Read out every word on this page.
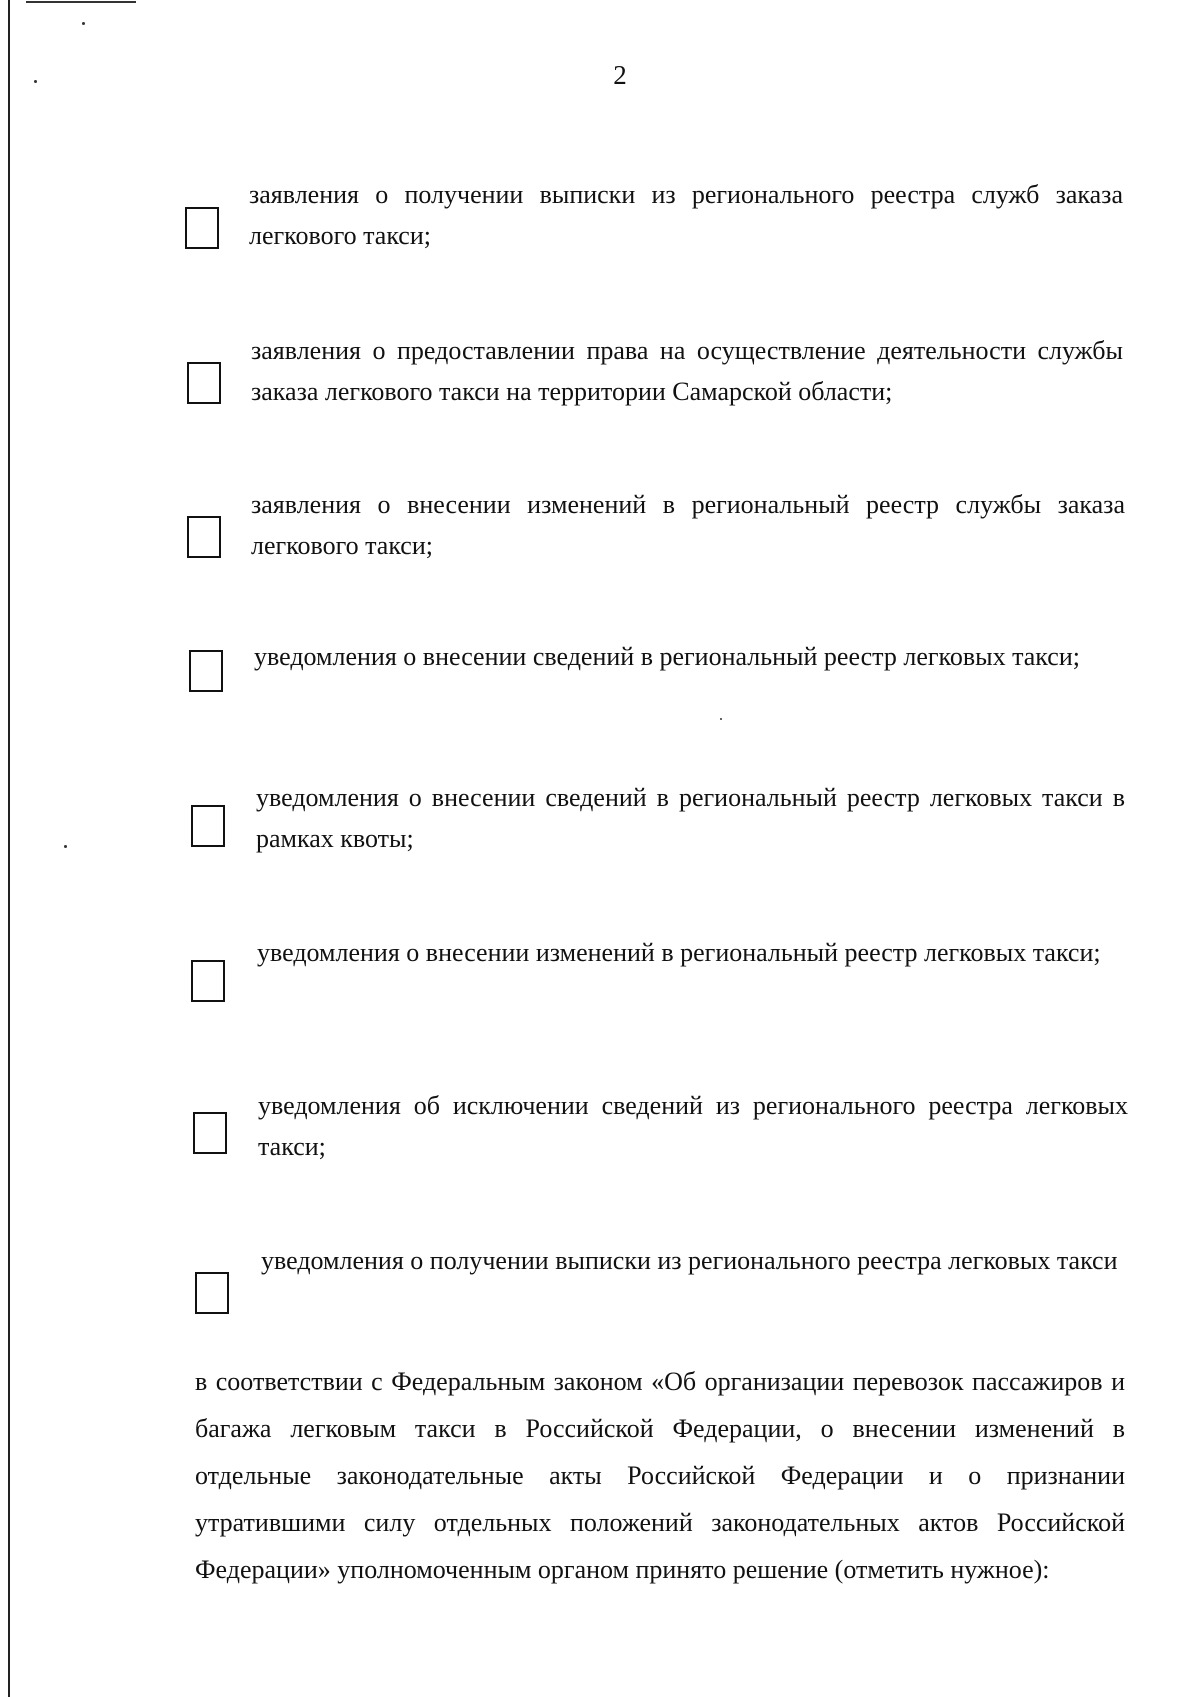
2
заявления о получении выписки из регионального реестра служб заказа легкового такси;
заявления о предоставлении права на осуществление деятельности службы заказа легкового такси на территории Самарской области;
заявления о внесении изменений в региональный реестр службы заказа легкового такси;
уведомления о внесении сведений в региональный реестр легковых такси;
уведомления о внесении сведений в региональный реестр легковых такси в рамках квоты;
уведомления о внесении изменений в региональный реестр легковых такси;
уведомления об исключении сведений из регионального реестра легковых такси;
уведомления о получении выписки из регионального реестра легковых такси
в соответствии с Федеральным законом «Об организации перевозок пассажиров и багажа легковым такси в Российской Федерации, о внесении изменений в отдельные законодательные акты Российской Федерации и о признании утратившими силу отдельных положений законодательных актов Российской Федерации» уполномоченным органом принято решение (отметить нужное):
